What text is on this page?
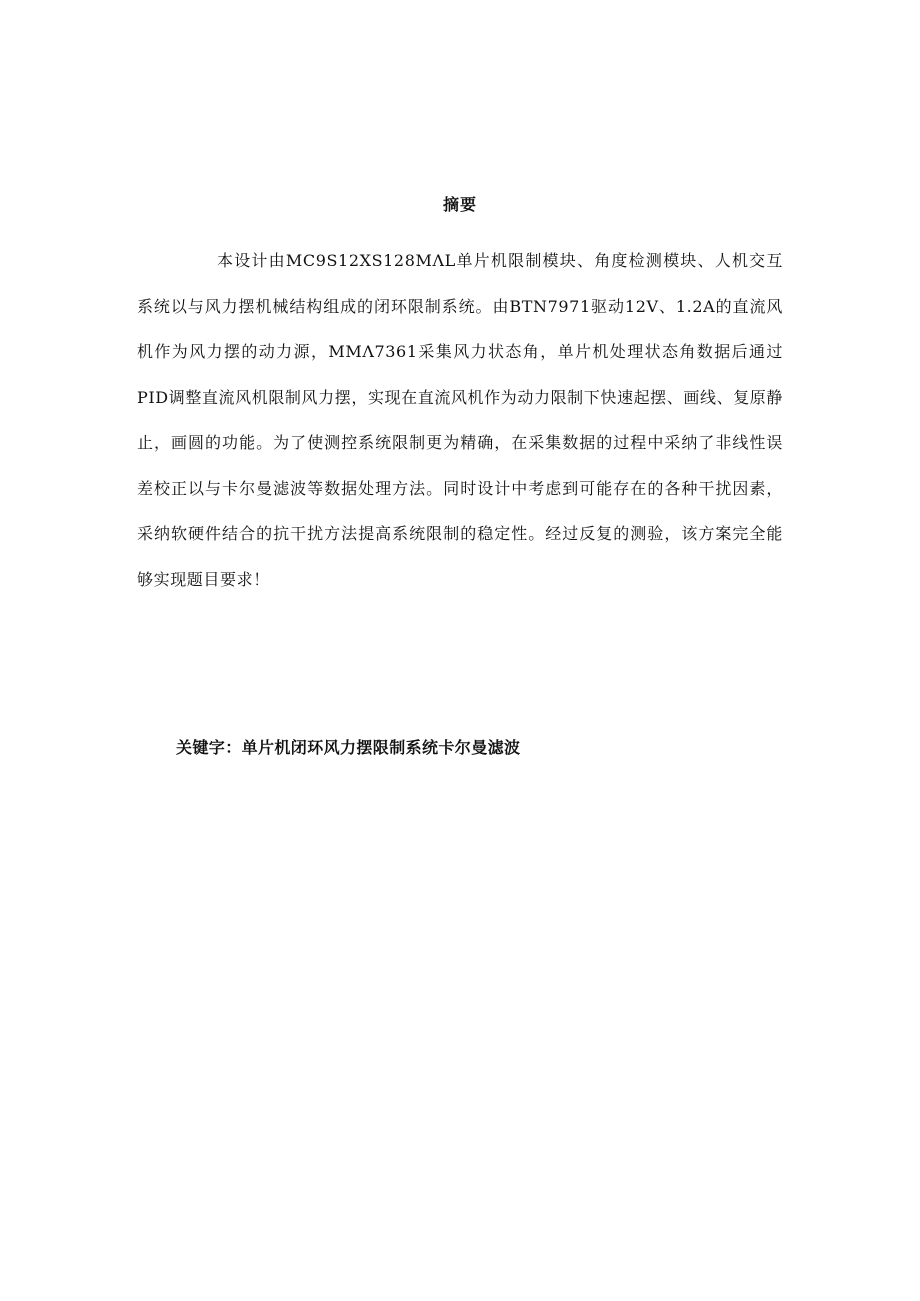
摘要

本设计由MC9S12XS128MΛL单片机限制模块、角度检测模块、人机交互系统以与风力摆机械结构组成的闭环限制系统。由BTN7971驱动12V、1.2A的直流风机作为风力摆的动力源，MMΛ7361采集风力状态角，单片机处理状态角数据后通过PID调整直流风机限制风力摆，实现在直流风机作为动力限制下快速起摆、画线、复原静止，画圆的功能。为了使测控系统限制更为精确，在采集数据的过程中采纳了非线性误差校正以与卡尔曼滤波等数据处理方法。同时设计中考虑到可能存在的各种干扰因素，采纳软硬件结合的抗干扰方法提高系统限制的稳定性。经过反复的测验，该方案完全能够实现题目要求！

关键字：单片机闭环风力摆限制系统卡尔曼滤波
